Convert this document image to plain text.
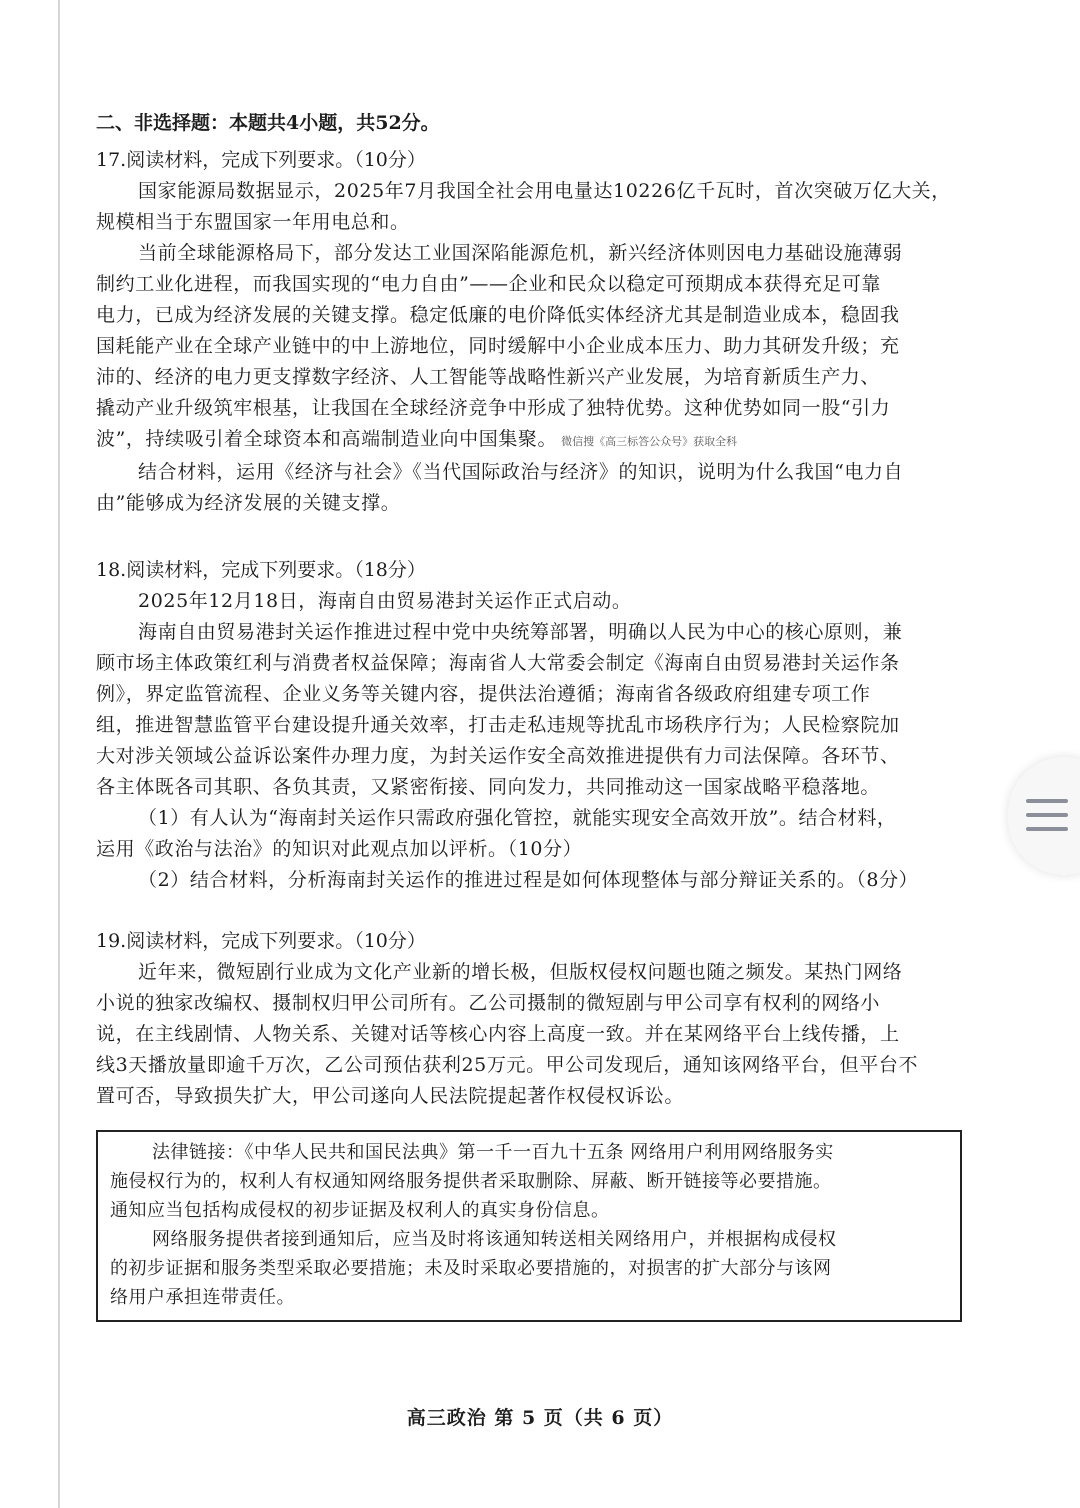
二、非选择题：本题共4小题，共52分。
17.阅读材料，完成下列要求。（10分）
国家能源局数据显示，2025年7月我国全社会用电量达10226亿千瓦时，首次突破万亿大关，
规模相当于东盟国家一年用电总和。
当前全球能源格局下，部分发达工业国深陷能源危机，新兴经济体则因电力基础设施薄弱
制约工业化进程，而我国实现的“电力自由”——企业和民众以稳定可预期成本获得充足可靠
电力，已成为经济发展的关键支撑。稳定低廉的电价降低实体经济尤其是制造业成本，稳固我
国耗能产业在全球产业链中的中上游地位，同时缓解中小企业成本压力、助力其研发升级；充
沛的、经济的电力更支撑数字经济、人工智能等战略性新兴产业发展，为培育新质生产力、
撬动产业升级筑牢根基，让我国在全球经济竞争中形成了独特优势。这种优势如同一股“引力
波”，持续吸引着全球资本和高端制造业向中国集聚。 微信搜《高三标答公众号》获取全科
结合材料，运用《经济与社会》《当代国际政治与经济》的知识，说明为什么我国“电力自
由”能够成为经济发展的关键支撑。
18.阅读材料，完成下列要求。（18分）
2025年12月18日，海南自由贸易港封关运作正式启动。
海南自由贸易港封关运作推进过程中党中央统筹部署，明确以人民为中心的核心原则，兼
顾市场主体政策红利与消费者权益保障；海南省人大常委会制定《海南自由贸易港封关运作条
例》，界定监管流程、企业义务等关键内容，提供法治遵循；海南省各级政府组建专项工作
组，推进智慧监管平台建设提升通关效率，打击走私违规等扰乱市场秩序行为；人民检察院加
大对涉关领域公益诉讼案件办理力度，为封关运作安全高效推进提供有力司法保障。各环节、
各主体既各司其职、各负其责，又紧密衔接、同向发力，共同推动这一国家战略平稳落地。
（1）有人认为“海南封关运作只需政府强化管控，就能实现安全高效开放”。结合材料，
运用《政治与法治》的知识对此观点加以评析。（10分）
（2）结合材料，分析海南封关运作的推进过程是如何体现整体与部分辩证关系的。（8分）
19.阅读材料，完成下列要求。（10分）
近年来，微短剧行业成为文化产业新的增长极，但版权侵权问题也随之频发。某热门网络
小说的独家改编权、摄制权归甲公司所有。乙公司摄制的微短剧与甲公司享有权利的网络小
说，在主线剧情、人物关系、关键对话等核心内容上高度一致。并在某网络平台上线传播，上
线3天播放量即逾千万次，乙公司预估获利25万元。甲公司发现后，通知该网络平台，但平台不
置可否，导致损失扩大，甲公司遂向人民法院提起著作权侵权诉讼。
法律链接：《中华人民共和国民法典》第一千一百九十五条 网络用户利用网络服务实
施侵权行为的，权利人有权通知网络服务提供者采取删除、屏蔽、断开链接等必要措施。
通知应当包括构成侵权的初步证据及权利人的真实身份信息。
网络服务提供者接到通知后，应当及时将该通知转送相关网络用户，并根据构成侵权
的初步证据和服务类型采取必要措施；未及时采取必要措施的，对损害的扩大部分与该网
络用户承担连带责任。
高三政治 第 5 页（共 6 页）
